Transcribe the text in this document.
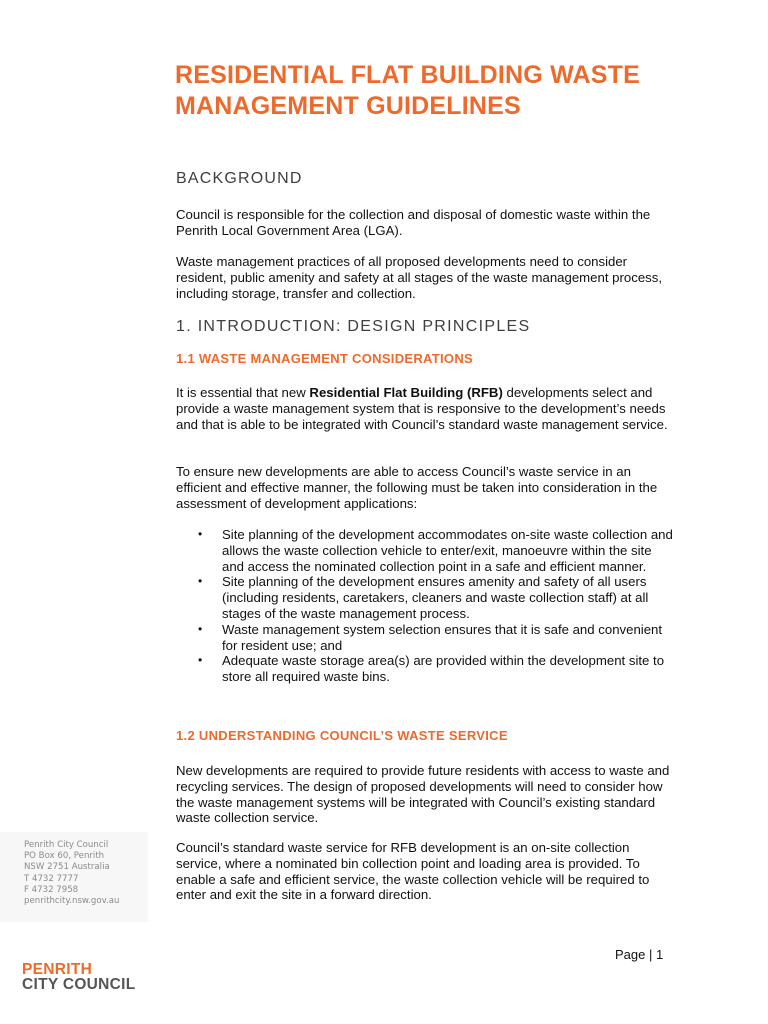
RESIDENTIAL FLAT BUILDING WASTE MANAGEMENT GUIDELINES
BACKGROUND

Council is responsible for the collection and disposal of domestic waste within the Penrith Local Government Area (LGA).

Waste management practices of all proposed developments need to consider resident, public amenity and safety at all stages of the waste management process, including storage, transfer and collection.

1. INTRODUCTION: DESIGN PRINCIPLES
1.1 WASTE MANAGEMENT CONSIDERATIONS

It is essential that new Residential Flat Building (RFB) developments select and provide a waste management system that is responsive to the development’s needs and that is able to be integrated with Council’s standard waste management service.

To ensure new developments are able to access Council’s waste service in an efficient and effective manner, the following must be taken into consideration in the assessment of development applications:

• Site planning of the development accommodates on-site waste collection and allows the waste collection vehicle to enter/exit, manoeuvre within the site and access the nominated collection point in a safe and efficient manner.
• Site planning of the development ensures amenity and safety of all users (including residents, caretakers, cleaners and waste collection staff) at all stages of the waste management process.
• Waste management system selection ensures that it is safe and convenient for resident use; and
• Adequate waste storage area(s) are provided within the development site to store all required waste bins.
1.2 UNDERSTANDING COUNCIL’S WASTE SERVICE

New developments are required to provide future residents with access to waste and recycling services. The design of proposed developments will need to consider how the waste management systems will be integrated with Council’s existing standard waste collection service.

Council’s standard waste service for RFB development is an on-site collection service, where a nominated bin collection point and loading area is provided. To enable a safe and efficient service, the waste collection vehicle will be required to enter and exit the site in a forward direction.

Penrith City Council
PO Box 60, Penrith
NSW 2751 Australia
T 4732 7777
F 4732 7958
penrithcity.nsw.gov.au
Page | 1
PENRITH
CITY COUNCIL
